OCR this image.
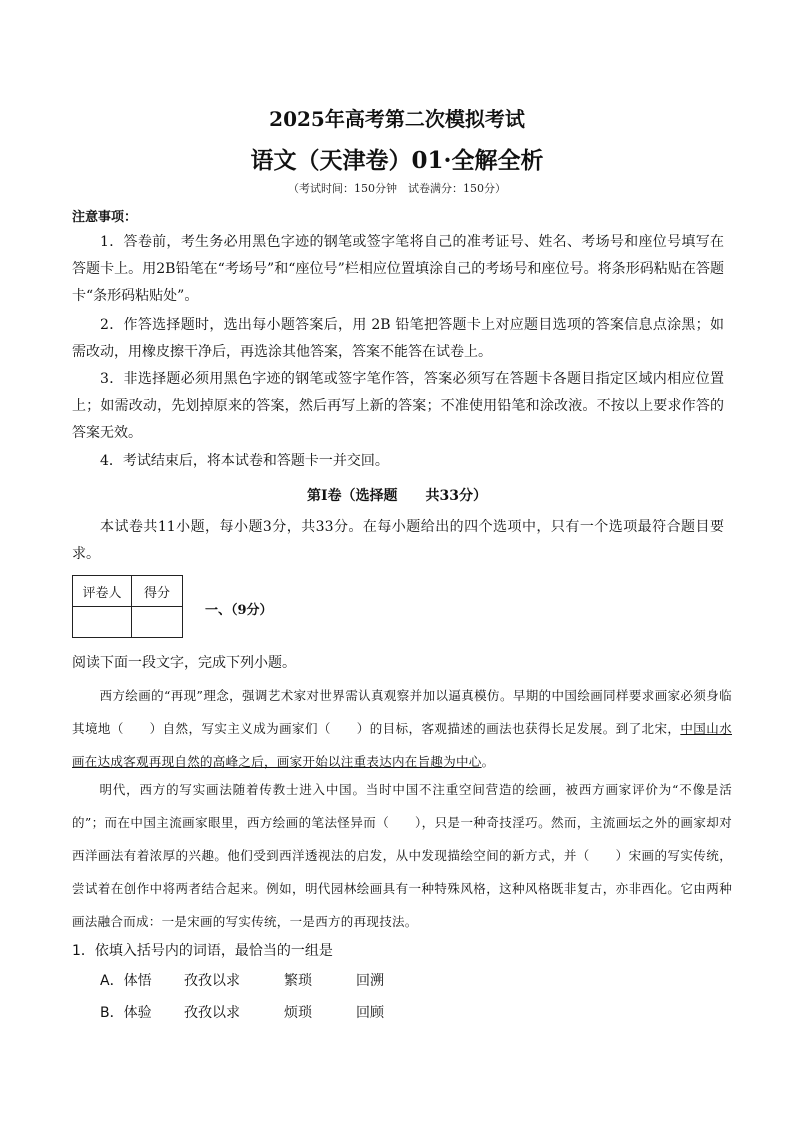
2025年高考第二次模拟考试
语文（天津卷）01·全解全析
（考试时间：150分钟　试卷满分：150分）
注意事项：
1．答卷前，考生务必用黑色字迹的钢笔或签字笔将自己的准考证号、姓名、考场号和座位号填写在答题卡上。用2B铅笔在“考场号”和“座位号”栏相应位置填涂自己的考场号和座位号。将条形码粘贴在答题卡“条形码粘贴处”。
2．作答选择题时，选出每小题答案后，用 2B 铅笔把答题卡上对应题目选项的答案信息点涂黑；如需改动，用橡皮擦干净后，再选涂其他答案，答案不能答在试卷上。
3．非选择题必须用黑色字迹的钢笔或签字笔作答，答案必须写在答题卡各题目指定区域内相应位置上；如需改动，先划掉原来的答案，然后再写上新的答案；不准使用铅笔和涂改液。不按以上要求作答的答案无效。
4．考试结束后，将本试卷和答题卡一并交回。
第Ⅰ卷（选择题　　共33分）
本试卷共11小题，每小题3分，共33分。在每小题给出的四个选项中，只有一个选项最符合题目要求。
评卷人	得分

一、（9分）
阅读下面一段文字，完成下列小题。
西方绘画的“再现”理念，强调艺术家对世界需认真观察并加以逼真模仿。早期的中国绘画同样要求画家必须身临其境地（　　）自然，写实主义成为画家们（　　）的目标，客观描述的画法也获得长足发展。到了北宋，中国山水画在达成客观再现自然的高峰之后，画家开始以注重表达内在旨趣为中心。
明代，西方的写实画法随着传教士进入中国。当时中国不注重空间营造的绘画，被西方画家评价为“不像是活的”；而在中国主流画家眼里，西方绘画的笔法怪异而（　　），只是一种奇技淫巧。然而，主流画坛之外的画家却对西洋画法有着浓厚的兴趣。他们受到西洋透视法的启发，从中发现描绘空间的新方式，并（　　）宋画的写实传统，尝试着在创作中将两者结合起来。例如，明代园林绘画具有一种特殊风格，这种风格既非复古，亦非西化。它由两种画法融合而成：一是宋画的写实传统，一是西方的再现技法。
1．依填入括号内的词语，最恰当的一组是
A．体悟 孜孜以求	繁琐	回溯
B．体验 孜孜以求	烦琐	回顾
